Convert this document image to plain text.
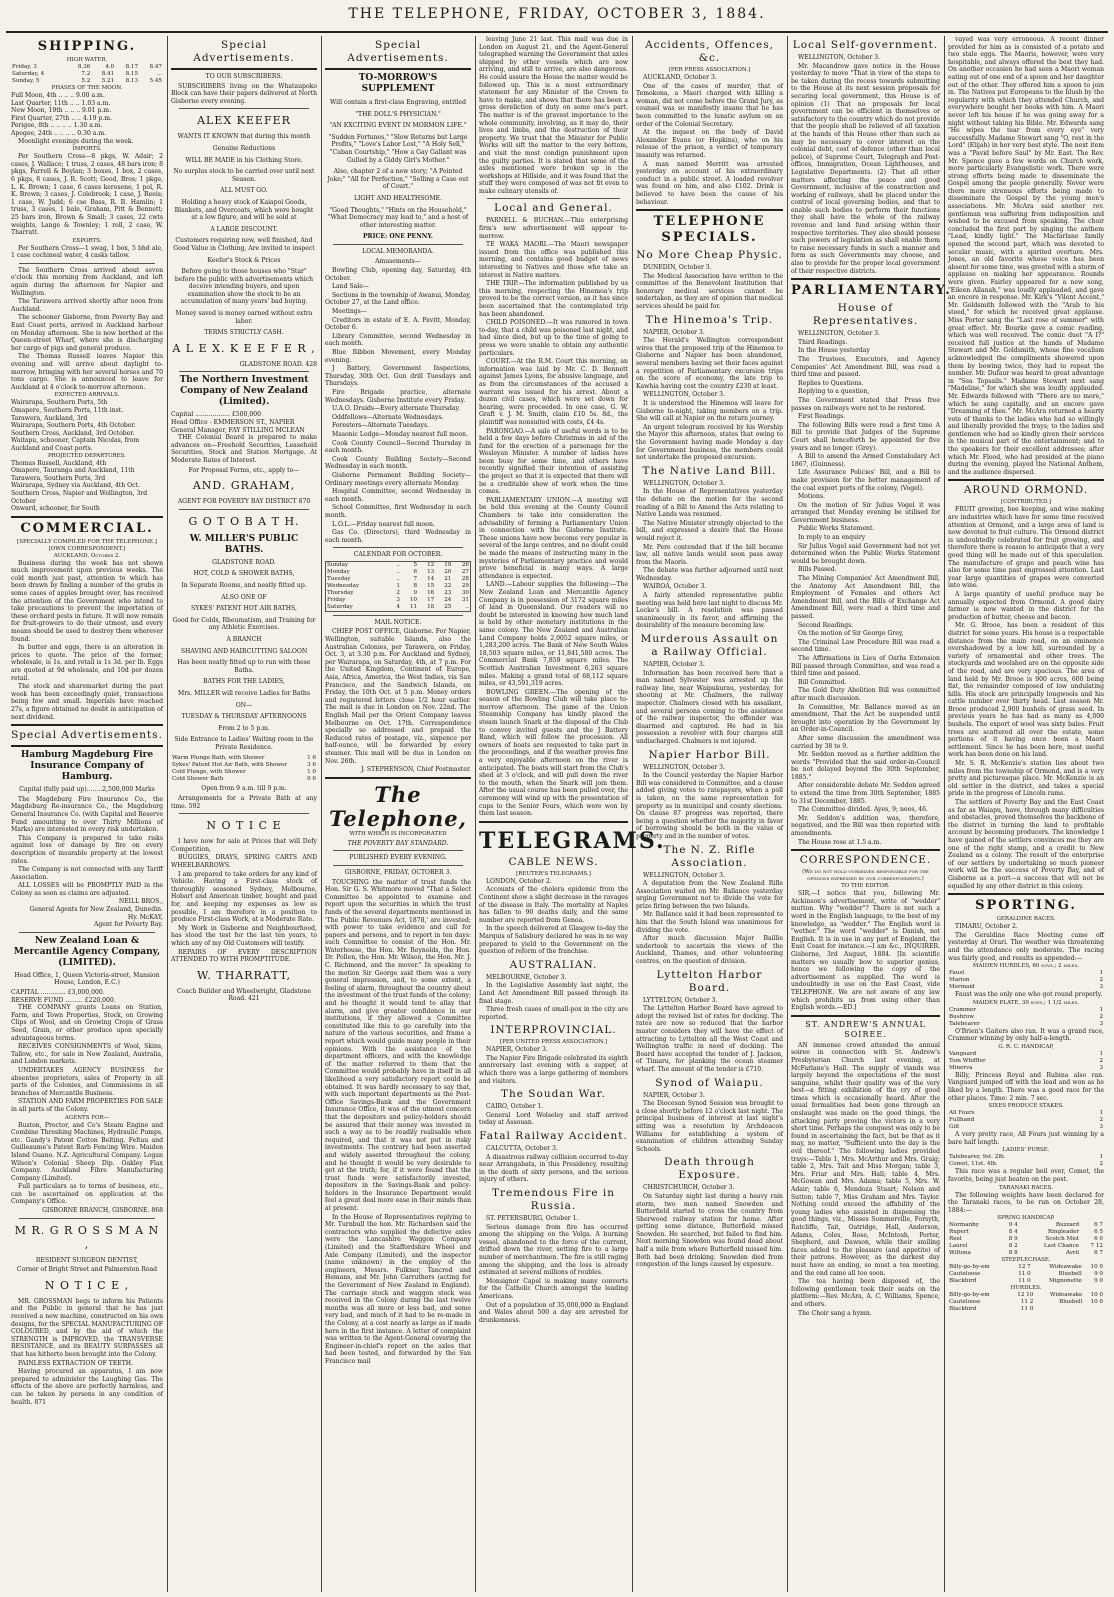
THE TELEPHONE, FRIDAY, OCTOBER 3, 1884.
SHIPPING.
HIGH WATER.
Friday, 3	8.36	4.0	8.17	8.47
Saturday, 4	7.2	8.41	8.15	...
Sunday, 5	5.2	5.21	8.13	5.45
PHASES OF THE MOON.
Full Moon, 4th .. .. .. 9.00 a.m.
Last Quarter, 11th .. .. 1.03 a.m.
New Moon, 19th .. .. .. 9.01 p.m.
First Quarter, 27th .. .. 4.19 p.m.
Perigee, 8th .. .. .. .. 1.30 a.m.
Apogee, 24th .. .. .. .. 0.30 a.m.
Moonlight evenings during the week.
IMPORTS.
Per Southern Cross—8 pkgs, W. Adair; 2 cases, J. Wallace; 1 truss, 2 cases, 48 bars iron; 8 pkgs, Farrell & Boylan; 3 boxes, 1 box, 2 cases, 6 pkgs, 6 cases, J. R. Scott; Good, Bros; 1 pkge, L. K. Brown; 1 case, 6 cases kerosene, 1 pol, R. K. Brown; 3 cases, J. Colebrook; 1 case, J. Reeis; 1 case, W. Judd; 6 cse Bass, R. B. Hamlin; 1 truss, 3 cases, 1 bale, Graham, Pitt & Bennett; 25 bars iron, Brown & Small; 3 cases, 22 cwts weights, Lange & Townley; 1 roll, 2 case, W. Tharratt.
EXPORTS.
Per Southern Cross—1 swag, 1 box, 5 bhd ale, 1 case cochineal water, 4 casks tallow.
The Southern Cross arrived about seven o'clock this morning from Auckland, and left again during the afternoon for Napier and Wellington.
The Tarawera arrived shortly after noon from Auckland.
The schooner Gisborne, from Poverty Bay and East Coast ports, arrived in Auckland harbour on Monday afternoon. She is now berthed at the Queen-street Wharf, where she is discharging her cargo of pigs and general produce.
The Thomas Russell leaves Napier this evening and will arrive about daylight to-morrow, bringing with her several horses and 70 tons cargo. She is announced to leave for Auckland at 4 o'clock to-morrow afternoon.
EXPECTED ARRIVALS.
Wairarapa, Southern Ports, 5th
Omapere, Southern Ports, 11th inst.
Tarawera, Auckland, 3rd
Wairarapa, Southern Ports, 4th October.
Southern Cross, Auckland, 3rd October.
Waitapu, schooner, Captain Nicolas, from Auckland and Coast ports.
PROJECTED DEPARTURES.
Thomas Russell, Auckland, 4th
Omapere, Tauranga and Auckland, 11th
Tarawera, Southern Ports, 3rd
Wairarapa, Sydney via Auckland, 4th Oct.
Southern Cross, Napier and Wellington, 3rd October
Onward, schooner, for South
COMMERCIAL.
[SPECIALLY COMPILED FOR THE TELEPHONE.]
[OWN CORRESPONDENT.]
AUCKLAND, October 2.
Business during the week has not shown much improvement upon previous weeks. The cold month just past, attention to which has been drawn by finding a number of the grubs in some cases of apples brought over, has received the attention of the Government who intend to take precautions to prevent the importation of these orchard pests in future. It will now remain for fruit-growers to do their utmost, and every means should be used to destroy them wherever found.
In butter and eggs, there is an alteration in prices to quote. The price of the former, wholesale, is 1s. and retail is 1s 3d. per lb. Eggs are quoted at 9d wholesale, and 10d per dozen retail.
The stock and sharemarket during the past week has been exceedingly quiet, transactions being few and small. Imperials have reached 27s, a figure obtained no doubt in anticipation of next dividend.
Special Advertisements.
Hamburg Magdeburg Fire Insurance Company of Hamburg.
Capital (fully paid up)........2,500,000 Marks
The Magdeburg Fire Insurance Co., the Magdeburg Re-insurance Co., the Magdeburg General Insurance Co. (with Capital and Reserve Fund amounting to over Thirty Millions of Marks) are interested in every risk undertaken.
This Company is prepared to take risks against loss or damage by fire on every description of insurable property at the lowest rates.
The Company is not connected with any Tariff Association.
ALL LOSSES will be PROMPTLY PAID in the Colony as soon as claims are adjusted.
NEILL BROS.,
General Agents for New Zealand, Dunedin.
Hy. McKAY,
Agent for Poverty Bay.
New Zealand Loan & Mercantile Agency Company, (LIMITED).
Head Office, 1, Queen Victoria-street, Mansion House, London, E.C.)
CAPITAL ............. £3,000,000.
RESERVE FUND ......... £220,000.
THE COMPANY grants Loans on Station, Farm, and Town Properties, Stock, on Growing Clips of Wool, and on Growing Crops of Grass Seed, Grain, or other produce upon specially advantageous terms.
RECEIVES CONSIGNMENTS of Wool, Skins, Tallow, etc., for sale in New Zealand, Australia, and London markets.
UNDERTAKES AGENCY BUSINESS for absentee proprietors, sales of Property in all parts of the Colonies, and Commissions in all branches of Mercantile Business.
STATION AND FARM PROPERTIES FOR SALE in all parts of the Colony.
AGENTS FOR—
Ruston, Proctor, and Co's Steam Engine and Combine Threshing Machines, Hydraulic Pumps, etc. Gandy's Patent Cotton Belting. Feltau and Guilleaume's Patent Barb Fencing Wire. Maiden Island Guano. N.Z. Agricultural Company. Logan Wilson's Colonial Sheep Dip. Oakley Flax Company. Auckland Fibre Manufacturing Company (Limited).
Full particulars as to terms of business, etc., can be ascertained on application at the Company's Office.
GISBORNE BRANCH, GISBORNE. 868
M R. G R O S S M A N ,
RESIDENT SURGEON DENTIST,
Corner of Bright Street and Palmerston Road
N O T I C E ,
MR. GROSSMAN begs to inform his Patients and the Public in general that he has just received a new machine, constructed on his own designs, for the SPECIAL MANUFACTURING OF COLOURED, and by the aid of which the STRENGTH is IMPROVED, the TRANSVERSE RESISTANCE, and its BEAUTY SURPASSES all that has hitherto been brought into the Colony.
PAINLESS EXTRACTION OF TEETH.
Having procured an apparatus, I am now prepared to administer the Laughing Gas. The effects of the above are perfectly harmless, and can be taken by persons in any condition of health. 871
Special Advertisements.
TO OUR SUBSCRIBERS.
SUBSCRIBERS living on the Whataupoko Block can have their papers delivered at North Gisborne every evening.
ALEX KEEFER
WANTS IT KNOWN that during this month
Genuine Reductions
WILL BE MADE in his Clothing Store.
No surplus stock to be carried over until next Season.
ALL MUST GO.
Holding a heavy stock of Kaiapoi Goods, Blankets, and Overcoats, which were bought at a low figure, and will be sold at
A LARGE DISCOUNT.
Customers requiring new, well finished, And Good Value in Clothing, Are invited to inspect
Keefer's Stock & Prices
Before going to those houses who "Star" before the public with advertisements which deceive intending buyers, and upon examination show the stock to be an accumulation of many years' bad buying.
Money saved is money earned without extra labor.
TERMS STRICTLY CASH.
A L E X. K E E F E R ,
GLADSTONE ROAD. 428
The Northern Investment Company of New Zealand (Limited).
Capital .................. £500,000
Head Office - EMMERSON ST., NAPIER
General Manager, FAY STILLING MCLEAN
THE Colonial Board is prepared to make advances on—Freehold Securities, Leasehold Securities, Stock and Station Mortgage. At Moderate Rates of Interest.
For Proposal Forms, etc., apply to—
AND. GRAHAM,
AGENT FOR POVERTY BAY DISTRICT 870
G O T O B A T H.
W. MILLER'S PUBLIC BATHS.
GLADSTONE ROAD.
HOT, COLD & SHOWER BATHS,
In Separate Rooms, and neatly fitted up.
ALSO ONE OF
SYKES' PATENT HOT AIR BATHS,
Good for Colds, Rheumatism, and Training for any Athletic Exercises.
A BRANCH
SHAVING AND HAIRCUTTING SALOON
Has been neatly fitted up to run with these Baths.
BATHS FOR THE LADIES,
Mrs. MILLER will receive Ladies for Baths
ON—
TUESDAY & THURSDAY AFTERNOONS
From 2 to 5 p.m.
Side Entrance to Ladies' Waiting room in the Private Residence.
Warm Plunge Bath, with Shower	1 6
Sykes' Patent Hot Air Bath, with Shower	3 6
Cold Plunge, with Shower	1 0
Cold Shower Bath	0 6
Open from 9 a.m. till 9 p.m.
Arrangements for a Private Bath at any time. 592
N O T I C E
I have now for sale at Prices that will Defy Competition,
BUGGIES, DRAYS, SPRING CARTS AND WHEELBARROWS.
I am prepared to take orders for any kind of Vehicle. Having a First-class stock of thoroughly seasoned Sydney, Melbourne, Hobart and American timber, bought and paid for, and keeping my expenses as low as possible, I am therefore in a position to produce First-class Work, at a Moderate Rate.
My Work in Gisborne and Neighbourhood, has stood the test for the last ten years, to which any of my Old Customers will testify.
REPAIRS OF EVERY DESCRIPTION ATTENDED TO WITH PROMPTITUDE.
W. THARRATT,
Coach Builder and Wheelwright, Gladstone Road. 421
Special Advertisements.
TO-MORROW'S SUPPLEMENT
Will contain a first-class Engraving, entitled
"THE DOLL'S PHYSICIAN."
"AN EXCITING EVENT IN MORMON LIFE."
"Sudden Fortunes," "Slow Returns but Large Profits," "Love's Labor Lost," "A Holy Sell," "Cuban Courtship," "How a Gay Gallant was Gulled by a Giddy Girl's Mother."
Also, chapter 2 of a new story; "A Pointed Joke;" "All for Perfection," "Selling a Case out of Court."
LIGHT AND HEALTHSOME.
"Good Thoughts," "Hints on the Household," "What Democracy may lead to," and a host of other interesting matter.
PRICE: ONE PENNY.
LOCAL MEMORANDA.
Amusements—
Bowling Club, opening day, Saturday, 4th October.
Land Sale—
Sections in the township of Awanui, Monday, October 27, at the Land office.
Meetings—
Creditors in estate of E. A. Pavitt, Monday, October 6.
Library Committee, second Wednesday in each month.
Blue Ribbon Movement, every Monday evening.
J Battery, Government Inspections, Thursday, 30th Oct. Gun drill Tuesdays and Thursdays.
Fire Brigade practice, alternate Wednesdays. Gisborne Institute every Friday.
U.A.O. Druids—Every alternate Thursday.
Oddfellows—Alternate Wednesdays.
Foresters—Alternate Tuesdays.
Masonic Lodge—Monday nearest full moon.
Cook County Council—Second Thursday in each month.
Cook County Building Society—Second Wednesday in each month.
Gisborne Permanent Building Society—Ordinary meetings every alternate Monday.
Hospital Committee, second Wednesday in each month.
School Committee, first Wednesday in each month.
L.O.L.—Friday nearest full moon.
Gas Co. (Directors), third Wednesday in each month.
CALENDAR FOR OCTOBER.
Sunday	..	5	12	19	26
Monday	..	6	13	20	27
Tuesday	..	7	14	21	28
Wednesday	1	8	15	22	29
Thursday	2	9	16	23	30
Friday	3	10	17	24	31
Saturday	4	11	18	25	..
MAIL NOTICE.
CHIEF POST OFFICE, Gisborne. For Napier, Wellington, suitable Islands, also the Australian Colonies, per Tarawera, on Friday, Oct. 3, at 3.30 p.m. For Auckland and Sydney, per Wairarapa, on Saturday, 4th, at 7 p.m. For the United Kingdom, Continent of Europe, Asia, Africa, America, the West Indies, via San Francisco, and the Sandwich Islands, on Friday, the 10th Oct. at 5 p.m. Money orders and registered letters close 1/2 hour earlier. The mail is due in London on Nov. 22nd. The English Mail per the Orient Company leaves Melbourne on Oct. 17th. Correspondence specially so addressed and prepaid the Reduced rates of postage, viz., sixpence per half-ounce, will be forwarded by every steamer. This mail will be due in London on Nov. 26th.
J. STEPHENSON, Chief Postmaster.
The Telephone,
WITH WHICH IS INCORPORATED
THE POVERTY BAY STANDARD.
PUBLISHED EVERY EVENING.
GISBORNE, FRIDAY, OCTOBER 3.
TOUCHING the matter of trust funds the Hon. Sir G. S. Whitmore moved "That a Select Committee be appointed to examine and report upon the securities in which the trust funds of the several departments mentioned in 'The Public Revenues Act, 1878,' are invested; with power to take evidence and call for papers and persons, and to report in ten days: such Committee to consist of the Hon. Mr. Waterhouse, the Hon. Mr. Reynolds, the Hon. Dr. Pollen, the Hon. Mr. Wilson, the Hon. Mr. J. C. Richmond, and the mover." In speaking to the motion Sir George said there was a very general impression, and, to some extent, a feeling of alarm, throughout the country about the investment of the trust funds of the colony; and he thought it would tend to allay that alarm, and give greater confidence in our institutions, if they allowed a Committee constituted like this to go carefully into the nature of the various securities, and frame a report which would guide many people in their opinions. With the assistance of the department officers, and with the knowledge of the matter referred to them that the Committee would probably have in itself in all likelihood a very satisfactory report could be obtained. It was hardly necessary to say that, with such important departments as the Post-Office Savings-Bank and the Government Insurance Office, it was of the utmost concern that the depositors and policy-holders should be assured that their money was invested in such a way as to be readily realisable when required, and that it was not put in risky investments. The contrary had been asserted and widely asserted throughout the colony, and he thought it would be very desirable to get at the truth; for, if it were found that the trust funds were satisfactorily invested, depositors in the Savings-Bank and policy-holders in the Insurance Department would feel a great deal more ease in their minds than at present.
In the House of Representatives replying to Mr. Turnbull the hon. Mr. Richardson said the contractors who supplied the defective axles were the Lancashire Waggon Company (Limited) and the Staffordshire Wheel and Axle Company (Limited), and the inspector (name unknown) in the employ of the engineers, Messrs. Fulkner, Tancred and Hemans, and Mr. John Carruthers (acting for the Government of New Zealand in England). The carriage stock and waggon stock was received in the Colony during the last twelve months was all more or less bad, and some very bad, and much of it had to be re-made in the Colony, at a cost nearly as large as if made here in the first instance. A letter of complaint was written to the Agent-General covering the Engineer-in-chief's report on the axles that had been tested, and forwarded by the San Francisco mail
leaving June 21 last. This mail was due in London on August 21, and the Agent-General telegraphed warning the Government that axles shipped by other vessels which are now arriving, and still to arrive, are also dangerous. He could assure the House the matter would be followed up. This is a most extraordinary statement for any Minister of the Crown to have to make, and shows that there has been a gross dereliction of duty on some one's part. The matter is of the gravest importance to the whole community, involving, as it may do, their lives and limbs, and the destruction of their property. We trust that the Minister for Public Works will sift the matter to the very bottom, and visit the most condign punishment upon the guilty parties. It is stated that some of the axles mentioned were broken up in the workshops at Hillside, and it was found that the stuff they were composed of was not fit even to make culinary utensils of.
Local and General.
PARNELL & BUCHAN.—This enterprising firm's new advertisement will appear to-morrow.
TE WAKA MAORI.—The Maori newspaper issued from this office was published this morning, and contains good budget of news interesting to Natives and those who take an interest in Native matters.
THE TRIP.—The information published by us this morning, respecting the Hinemoa's trip proved to be the correct version, as it has since been ascertained that the contemplated trip has been abandoned.
CHILD POISONED.—It was rumored in town to-day, that a child was poisoned last night, and had since died, but up to the time of going to press we were unable to obtain any authentic particulars.
COURT.—At the R.M. Court this morning, an information was laid by Mr. C. D. Bennett against James Lyons, for abusive language, and as from the circumstances of the accused a warrant was issued for his arrest. About a dozen civil cases, which were set down for hearing, were proceeded. In one case, G. W. Graft v. J. M. Smith, claim £10 5s. 8d., the plaintiff was nonsuited with costs, £4 4s.
PARONGAO.—A sale of useful words is to be held a few days before Christmas in aid of the fund for the erection of a parsonage for the Wesleyan Minister. A number of ladies have been busy for some time, and others have recently signified their intention of assisting the project so that it is expected that there will be a creditable show of work when the time comes.
PARLIAMENTARY UNION.—A meeting will be held this evening at the County Council Chambers to take into consideration the advisability of forming a Parliamentary Union in connection with the Gisborne Institute. These unions have now become very popular in several of the large centres, and no doubt could be made the means of instructing many in the mysteries of Parliamentary practice and would prove beneficial in many ways. A large attendance is expected.
LAND.—Labour supplies the following:—The New Zealand Loan and Mercantile Agency Company is in possession of 3172 square miles of land in Queensland. Our readers will no doubt be interested in knowing how much land is held by other monetary institutions in the same colony. The New Zealand and Australian Land Company holds 2,0052 square miles, or 1,283,200 acres. The Bank of New South Wales 18,503 square miles, or 11,841,580 acres. The Commercial Bank 7,859 square miles. The Scottish Australian Investment 6,263 square miles. Making a grand total of 68,112 square miles, or 43,591,319 acres.
BOWLING GREEN.—The opening of the season of the Bowling Club will take place to-morrow afternoon. The game of the Union Steamship Company has kindly placed the steam launch Snark at the disposal of the Club to convey invited guests and the J Battery Band, which will follow the procession. All owners of boats are requested to take part in the proceedings, and if the weather proves fine a very enjoyable afternoon on the river is anticipated. The boats will start from the Club's shed at 3 o'clock, and will pull down the river to the mouth, when the Snark will join them. After the usual course has been pulled over, the ceremony will wind up with the presentation of cups to the Senior Fours, which were won by them last season.
TELEGRAMS.
CABLE NEWS.
[REUTER'S TELEGRAMS.]
LONDON, October 2.
Accounts of the cholera epidemic from the Continent show a slight decrease in the ravages of the disease in Italy. The mortality at Naples has fallen to 90 deaths daily, and the same number are reported from Genoa.
In the speech delivered at Glasgow to-day the Marquis of Salisbury declared he was in no way prepared to yield to the Government on the question of reform of the franchise.
AUSTRALIAN.
MELBOURNE, October 3.
In the Legislative Assembly last night, the Land Act Amendment Bill passed through its final stage.
Three fresh cases of small-pox in the city are reported.
INTERPROVINCIAL.
[PER UNITED PRESS ASSOCIATION.]
NAPIER, October 3.
The Napier Fire Brigade celebrated its eighth anniversary last evening with a supper, at which there was a large gathering of members and visitors.
The Soudan War.
CAIRO, October 1.
General Lord Wolseley and staff arrived today at Assouan.
Fatal Railway Accident.
CALCUTTA, October 3.
A disastrous railway collision occurred to-day near Arrangabata, in this Presidency, resulting in the death of sixty persons, and the serious injury of others.
Tremendous Fire in Russia.
ST. PETERSBURG, October 1.
Serious damage from fire has occurred among the shipping on the Volga. A burning vessel, abandoned to the force of the current, drifted down the river, setting fire to a large number of merchantmen. The fire is still raging among the shipping, and the loss is already estimated at several millions of roubles.
Monsignor Capel is making many converts for the Catholic Church amongst the leading Americans.
Out of a population of 35,000,000 in England and Wales about 500 a day are arrested for drunkenness.
Accidents, Offences, &c.
[PER PRESS ASSOCIATION.]
AUCKLAND, October 3.
One of the cases of murder, that of Temokona, a Maori charged with killing a woman, did not come before the Grand Jury, as counsel was so manifestly insane that he has been committed to the lunatic asylum on an order of the Colonial Secretary.
At the inquest on the body of David Alexander Evans (or Hopkins), who on his release of the prison, a verdict of temporary insanity was returned.
A man named Merritt was arrested yesterday on account of his extraordinary conduct in a public street. A loaded revolver was found on him, and also £102. Drink is believed to have been the cause of his behaviour.
TELEPHONE SPECIALS.
No More Cheap Physic.
DUNEDIN, October 3.
The Medical Association have written to the committee of the Benevolent Institution that honorary medical services cannot be undertaken, as they are of opinion that medical services should be paid for.
The Hinemoa's Trip.
NAPIER, October 3.
The Herald's Wellington correspondent wires that the proposed trip of the Hinemoa to Gisborne and Napier has been abandoned, several members having set their faces against a repetition of Parliamentary excursion trips on the score of economy, the late trip to Kawhia having cost the country £230 at least.
WELLINGTON, October 3.
It is understood the Hinemoa will leave for Gisborne to-night, taking members on a trip. She will call at Napier on the return journey.
An urgent telegram received by his Worship the Mayor this afternoon, states that owing to the Government having made Monday a day for Government business, the members could not undertake the proposed excursion.
The Native Land Bill.
WELLINGTON, October 3.
In the House of Representatives yesterday the debate on the motion for the second reading of a Bill to Amend the Acts relating to Native Lands was resumed.
The Native Minister strongly objected to the bill, and expressed a desire that the House would reject it.
Mr. Pere contended that if the bill became law, all native lands would soon pass away from the Maoris.
The debate was further adjourned until next Wednesday.
WAIROA, October 3.
A fairly attended representative public meeting was held here last night to discuss Mr. Locke's bill. A resolution was passed unanimously in its favor, and affirming the desirability of the measure becoming law.
Murderous Assault on a Railway Official.
NAPIER, October 3.
Information has been received here that a man named Sylvester was arrested up the railway line, near Waipukurau, yesterday, for shooting at Mr. Chalmers, the railway inspector. Chalmers closed with his assailant, and several persons coming to the assistance of the railway inspector, the offender was disarmed and captured. He had in his possession a revolver with four charges still undischarged. Chalmers is not injured.
Napier Harbor Bill.
WELLINGTON, October 3.
In the Council yesterday the Napier Harbor Bill was considered in Committee, and a clause added giving votes to ratepayers, when a poll is taken, on the same representation for property as in municipal and county elections. On clause 87 progress was reported, there being a question whether the majority in favor of borrowing should be both in the value of property and in the number of votes.
The N. Z. Rifle Association.
WELLINGTON, October 3.
A deputation from the New Zealand Rifle Association waited on Mr. Ballance yesterday urging Government not to divide the vote for prize firing between the two Islands.
Mr. Ballance said it had been represented to him that the South Island was unanimous for dividing the vote.
After much discussion Major Baillie undertook to ascertain the views of the Auckland, Thames, and other volunteering centres, on the question of division.
Lyttelton Harbor Board.
LYTTELTON, October 3.
The Lyttelton Harbor Board have agreed to adopt the revised list of rates for docking. The rates are now so reduced that the harbor master considers they will have the effect of attracting to Lyttelton all the West Coast and Wellington traffic in need of docking. The Board have accepted the tender of J. Jackson, of Timaru, for planking the ocean steamer wharf. The amount of the tender is £710.
Synod of Waiapu.
NAPIER, October 3.
The Diocesan Synod Session was brought to a close shortly before 12 o'clock last night. The principal business of interest at last night's sitting was a resolution by Archdeacon Williams for establishing a system of examination of children attending Sunday Schools.
Death through Exposure.
CHRISTCHURCH, October 3.
On Saturday night last during a heavy rain storm, two men named Snowden and Butterfield started to cross the country from Sherwood railway station for home. After getting some distance, Butterfield missed Snowden. He searched, but failed to find him. Next morning Snowden was found dead about half a mile from where Butterfield missed him. Both had been drinking. Snowden died from congestion of the lungs caused by exposure.
Local Self-government.
WELLINGTON, October 3.
Mr. Macandrew gave notice in the House yesterday to move "That in view of the steps to be taken during the recess towards submitting to the House at its next session proposals for securing local government, this House is of opinion (1) That no proposals for local government can be efficient in themselves or satisfactory to the country which do not provide that the people shall be relieved of all taxation at the hands of this House other than such as may be necessary to cover interest on the colonial debt, cost of defence (other than local police), of Supreme Court, Telegraph and Post-offices, Immigration, Ocean Lighthouses, and Legislative Departments. (2) That all other matters affecting the peace and good Government, inclusive of the construction and working of railways, shall be placed under the control of local governing bodies, and that to enable such bodies to perform their functions they shall have the whole of the railway revenue and land fund arising within their respective territories. They also should possess such powers of legislation as shall enable them to raise necessary funds in such a manner and form as such Governments may choose, and also to provide for the proper local government of their respective districts.
PARLIAMENTARY.
House of Representatives.
WELLINGTON, October 3.
Third Readings.
In the House yesterday
The Trustees, Executors, and Agency Companies' Act Amendment Bill, was read a third time and passed.
Replies to Questions.
Replying to a question,
The Government stated that Press free passes on railways were not to be restored.
First Readings.
The following Bills were read a first time A Bill to provide that Judges of the Supreme Court shall henceforth be appointed for five years and no longer. (Grey).
A Bill to amend the Armed Constabulary Act 1867, (Guinness).
Life Assurance Policies' Bill, and a Bill to make provision for the better management of the coal export ports of the colony, (Vogel).
Motions.
On the motion of Sir Julius Vogel it was arranged that Monday evening be utilised for Government business.
Public Works Statement.
In reply to an enquiry
Sir Julius Vogel said Government had not yet determined when the Public Works Statement would be brought down.
Bills Passed.
The Mining Companies' Act Amendment Bill, the Anatomy Act Amendment Bill, the Employment of Females and others Act Amendment Bill, and the Bills of Exchange Act Amendment Bill, were read a third time and passed.
Second Readings.
On the motion of Sir George Grey,
The Criminal Law Procedure Bill was read a second time.
The Affirmations in Lieu of Oaths Extension Bill passed through Committee, and was read a third time and passed.
Bill Committed.
The Gold Duty Abolition Bill was committed after much discussion.
In Committee, Mr. Ballance moved as an amendment, That the Act be suspended until brought into operation by the Government by an Order-in-Council.
After some discussion the amendment was carried by 38 to 9.
Mr. Seddon moved as a further addition the words "Provided that the said order-in-Council be not delayed beyond the 30th September, 1885."
After considerable debate Mr. Seddon agreed to extend the time from 30th September, 1885 to 31st December, 1885.
The Committee divided. Ayes, 9; noes, 46.
Mr. Seddon's addition was, therefore, negatived, and the Bill was then reported with amendments.
The House rose at 1.5 a.m.
CORRESPONDENCE.
(We do not hold ourselves responsible for the opinions expressed by our correspondents.)
TO THE EDITOR.
SIR,—I notice that you, following Mr. Aickinson's advertisement, write of "wedder" mutton. Why "wedder"? There is not such a word in the English language, to the best of my knowledge, as "wedder." The English word is "wether." The word "wedder" is Danish, not English. It is in use in any part of England, the East Coast for instance.—I am &c., INQUIRER. Gisborne, 3rd August, 1884. [In scientific matters we usually bow to superior genius, hence we following the copy of the advertisement as supplied. The word is undoubtedly in use on the East Coast, vide TELEPHONE. We are not aware of any law which prohibits us from using other than English words.—ED.]
ST. ANDREW'S ANNUAL SOIREE.
AN immense crowd attended the annual soiree in connection with St. Andrew's Presbyterian Church last evening, at McFarlane's Hall. The supply of viands was largely beyond the expectations of the most sanguine, whilst their quality was of the very best—a fitting exhibition of the cry of good times which is occasionally heard. After the usual formalities had been gone through an onslaught was made on the good things, the attacking party proving the victors in a very short time. Perhaps the conquest was only to be found in ascertaining the fact, but be that as it may, no matter, "Sufficient unto the day is the evil thereof." The following ladies provided trays:—Table 1, Mrs. McArthur and Mrs. Graig; table 2, Mrs. Tait and Miss Morgan; table 3, Mrs. Friar and Mrs. Hall; table 4, Mrs. McGowan and Mrs. Adams; table 5, Mrs. W. Adair; table 6, Mendoza Stuart; Nelson and Sutton; table 7, Miss Graham and Mrs. Taylor. Nothing could exceed the affability of the young ladies who assisted in dispensing the good things, viz., Misses Sommerville, Forsyth, Ratcliffe, Tait, Oatridge, Hall, Anderson, Adams, Coles, Rose, McIntosh, Porter, Shepherd, and Dawson, while their smiling faces added to the pleasure (and appetite) of their patrons. However, as the darkest day must have an ending, so must a tea meeting, and the end came all too soon.
The tea having been disposed of, the following gentlemen took their seats on the platform:—Rev. McAra, A. C. Williams, Spence, and others.
The Choir sang a hymn.
vayed was very erroneous. A recent dinner provided for him as is consisted of a potato and two stale eggs. The Maoris, however, were very hospitable, and always offered the best they had. On another occasion he had seen a Maori woman eating out of one end of a spoon and her daughter out of the other. They offered him a spoon to join in. The Natives put Europeans to the blush by the regularity with which they attended Church, and everywhere bought her books with him. A Maori never left his house if he was going away for a night without taking his Bible. Mr. Edwards sang "He wipes the tear from every eye" very successfully. Madame Stewart sang "O, rest in the Lord" (Elijah) in her very best style. The next item was a "Pavid before Saul" by Mr. East. The Rev. Mr. Spence gave a few words on Church work, more particularly Evangelistic work. There were strong efforts being made to disseminate the Gospel among the people generally. Never were there more strenuous efforts being made to disseminate the Gospel by the young men's associations. Mr. McAra said another rev. gentleman was suffering from indisposition and wished to be excused from speaking. The choir concluded the first part by singing the anthem "Lead, kindly light." The Macfarlane family opened the second part, which was devoted to secular music, with a spirited overture. Mrs. Jones, an old favorite whose voice has been absent for some time, was greeted with a storm of applause on making her appearance. Rounds were given. Fairley appeared for a new song, "Eileen Allanah," was loudly applauded, and gave an encore in response. Mr. Kirk's "Vilent Accent," Mr. Goldsmith followed with the "Arab to his steed," for which he received great applause. Miss Porter sang the "Last rose of summer" with great effect. Mr. Bourke gave a comic reading, which was well received. The comic duet "A I?" received full justice at the hands of Madame Stewart and Mr. Goldsmith, whose fine vocalism acknowledged the compliments showered upon them by bowing twice, they had to repeat the number. Mr. Dufaur was heard to great advantage in "Sea Topsails." Madame Stewart next sang "Madeline," for which she was loudly applauded. Mr. Edwards followed with "There are no more," which he sang capitally, and an encore gave "Dreaming of thee." Mr. McAra returned a hearty vote of thanks to the ladies who had so willingly and liberally provided the trays; to the ladies and gentlemen who had so kindly given their services in the musical part of the entertainment; and to the speakers for their excellent addresses; after which Mr. Flood, who had presided at the piano during the evening, played the National Anthem, and the audience dispersed.
AROUND ORMOND.
[CONTRIBUTED.]
FRUIT growing, bee keeping, and wine making are industries which have for some time received attention at Ormond, and a large area of land is now devoted to fruit culture. The Ormond district is undoubtedly celebrated for fruit growing, and therefore there is reason to anticipate that a very good thing will be made out of this speculation. The manufacture of grape and peach wine has also for some time past engrossed attention. Last year large quantities of grapes were converted into wine.
A large quantity of useful produce may be annually expected from Ormond. A good dairy farmer is now wanted in the district for the production of butter, cheese and bacon.
Mr. G. Brooe, has been a resident of this district for some years. His house is a respectable distance from the main road, on an eminence overshadowed by a low hill, surrounded by a variety of ornamental and other trees. The stockyards and woolshed are on the opposite side of the road, and are very spacious. The area of land held by Mr. Brooe is 900 acres, 600 being flat, the remainder composed of low undulating hills. His stock are principally longwools and his cattle number over thirty head. Last season Mr. Brooe produced 2,900 bushels of grass seed. In previous years he has had as many as 4,000 bushels. The export of wool was sixty bales. Fruit trees are scattered all over the estate, some portions of it having once been a Maori settlement. Since he has been here, most useful work has been done on his land.
Mr. S. R. McKenzie's station lies about two miles from the township of Ormond, and is a very pretty and picturesque place. Mr. McKenzie is an old settler in the district, and takes a special pride in the progress of Lincoln rams.
The settlers of Poverty Bay and the East Coast as far as Waiapu, have, through many difficulties and obstacles, proved themselves the backbone of the district in turning the land to profitable account by becoming producers. The knowledge I have gained of the settlers convinces me they are one of the right stamp, and a credit to New Zealand as a colony. The result of the enterprise of our settlers by undertaking so much pioneer work will be the success of Poverty Bay, and of Gisborne as a port—a success that will not be equalled by any other district in this colony.
SPORTING.
GERALDINE RACES.
TIMARU, October 2.
The Geraldine Race Meeting came off yesterday at Orari. The weather was threatening and the attendance only moderate. The racing was fairly good, and results as appended:—
MAIDEN HURDLES, 60 sovs.; 2 miles.
Faust	1
Marion	2
Mermaid	3
Faust was the only one who got round properly.
MAIDEN PLATE, 30 sovs.; 1 1/2 miles.
Crammer	1
Bushrow	2
Talebearer	3
O'Brien's Gaiters also ran. It was a grand race, Crammer winning by only half-a-length.
G. R. C. HANDICAP,
Vanguard	1
Tom Whiffler	2
Minerva	3
Billy, Princess Royal and Rubina also ran. Vanguard jumped off with the lead and won as he liked by a length. There was a good race for the other places. Time: 2 min. 7 sec.
SIXES PRODUCE STAKES.
All Fours	1
Fullhand	2
Gilt	3
A very pretty race, All Fours just winning by a bare half length.
LADIES' PURSE.
Talebearer, 9st. 2lb.	1
Comet, 11st. 4lb.	2
This race was a regular boil over, Comet, the favorite, being just beaten on the post.
TARANAKI RACES.
The following weights have been declared for the Taranaki races, to be run on October 28, 1884:—
SPRING HANDICAP.
Normanby	9 4	Buzzard	6 7
Rupert	8 4	Ringleader	6 5
Reel	8 9	Scotch Mist	6 0
Laurel	8 2	Last Chance	7 12
Wiltona	8 8	Avril	6 7
STEEPLECHASE.
Billy-go-by-em	12 7	Wideawake	10 0
Cauteloose	11 0	Bluebell	9 0
Blackbird	11 0	Mignonette	9 0
HURDLES.
Billy-go-by-em	12 10	Wideawake	10 0
Cauteloose	11 2	Bluebell	10 0
Blackbird	11 0		
